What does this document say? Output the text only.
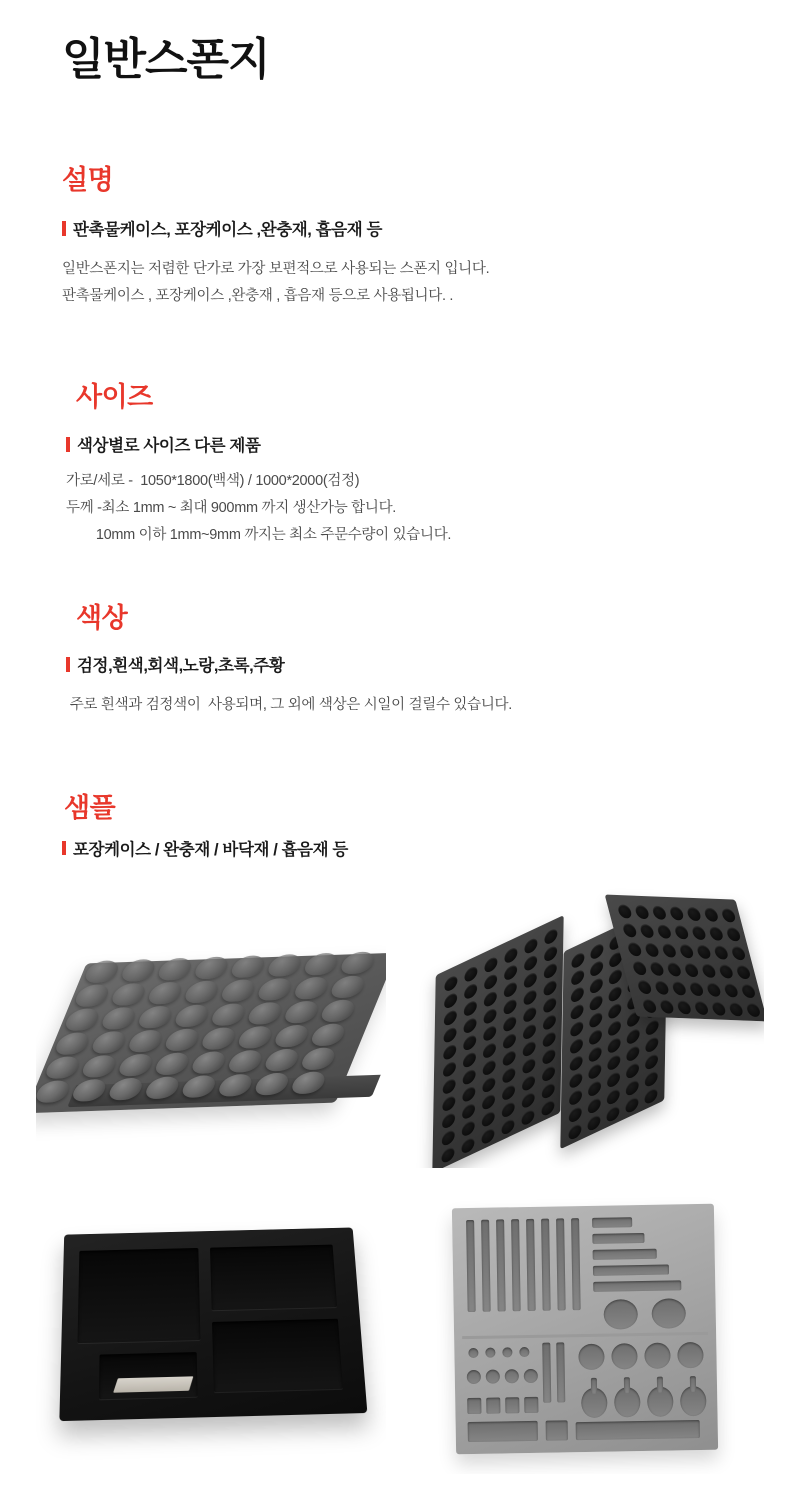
일반스폰지
설명
판촉물케이스, 포장케이스 ,완충재, 흡음재 등
일반스폰지는 저렴한 단가로 가장 보편적으로 사용되는 스폰지 입니다.
판촉물케이스 , 포장케이스 ,완충재 , 흡음재 등으로 사용됩니다. .
사이즈
색상별로 사이즈 다른 제품
가로/세로 -  1050*1800(백색) / 1000*2000(검정)
두께 -최소 1mm ~ 최대 900mm 까지 생산가능 합니다.
10mm 이하 1mm~9mm 까지는 최소 주문수량이 있습니다.
색상
검정,흰색,회색,노랑,초록,주황
주로 흰색과 검정색이  사용되며, 그 외에 색상은 시일이 걸릴수 있습니다.
샘플
포장케이스 / 완충재 / 바닥재 / 흡음재 등
